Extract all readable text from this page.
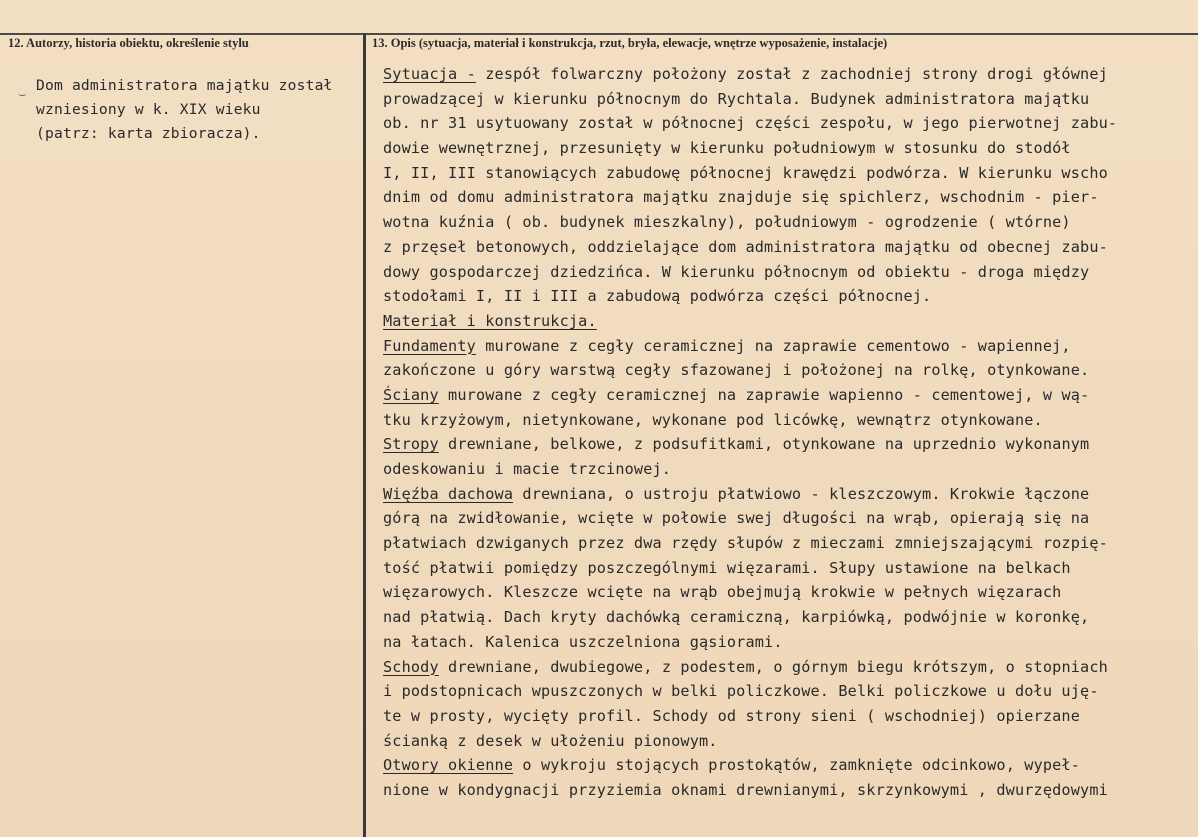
12. Autorzy, historia obiektu, określenie stylu	13. Opis (sytuacja, materiał i konstrukcja, rzut, bryła, elewacje, wnętrze wyposażenie, instalacje)
‿ Dom administratora majątku został
wzniesiony w k. XIX wieku
(patrz: karta zbioracza).
Sytuacja - zespół folwarczny położony został z zachodniej strony drogi głównej
prowadzącej w kierunku północnym do Rychtala. Budynek administratora majątku
ob. nr 31 usytuowany został w północnej części zespołu, w jego pierwotnej zabu-
dowie wewnętrznej, przesunięty w kierunku południowym w stosunku do stodół
I, II, III stanowiących zabudowę północnej krawędzi podwórza. W kierunku wscho
dnim od domu administratora majątku znajduje się spichlerz, wschodnim - pier-
wotna kuźnia ( ob. budynek mieszkalny), południowym - ogrodzenie ( wtórne)
z przęseł betonowych, oddzielające dom administratora majątku od obecnej zabu-
dowy gospodarczej dziedzińca. W kierunku północnym od obiektu - droga między
stodołami I, II i III a zabudową podwórza części północnej.
Materiał i konstrukcja.
Fundamenty murowane z cegły ceramicznej na zaprawie cementowo - wapiennej,
zakończone u góry warstwą cegły sfazowanej i położonej na rolkę, otynkowane.
Ściany murowane z cegły ceramicznej na zaprawie wapienno - cementowej, w wą-
tku krzyżowym, nietynkowane, wykonane pod licówkę, wewnątrz otynkowane.
Stropy drewniane, belkowe, z podsufitkami, otynkowane na uprzednio wykonanym
odeskowaniu i macie trzcinowej.
Więźba dachowa drewniana, o ustroju płatwiowo - kleszczowym. Krokwie łączone
górą na zwidłowanie, wcięte w połowie swej długości na wrąb, opierają się na
płatwiach dzwiganych przez dwa rzędy słupów z mieczami zmniejszającymi rozpię-
tość płatwii pomiędzy poszczególnymi więzarami. Słupy ustawione na belkach
więzarowych. Kleszcze wcięte na wrąb obejmują krokwie w pełnych więzarach
nad płatwią. Dach kryty dachówką ceramiczną, karpiówką, podwójnie w koronkę,
na łatach. Kalenica uszczelniona gąsiorami.
Schody drewniane, dwubiegowe, z podestem, o górnym biegu krótszym, o stopniach
i podstopnicach wpuszczonych w belki policzkowe. Belki policzkowe u dołu uję-
te w prosty, wycięty profil. Schody od strony sieni ( wschodniej) opierzane
ścianką z desek w ułożeniu pionowym.
Otwory okienne o wykroju stojących prostokątów, zamknięte odcinkowo, wypeł-
nione w kondygnacji przyziemia oknami drewnianymi, skrzynkowymi , dwurzędowymi
